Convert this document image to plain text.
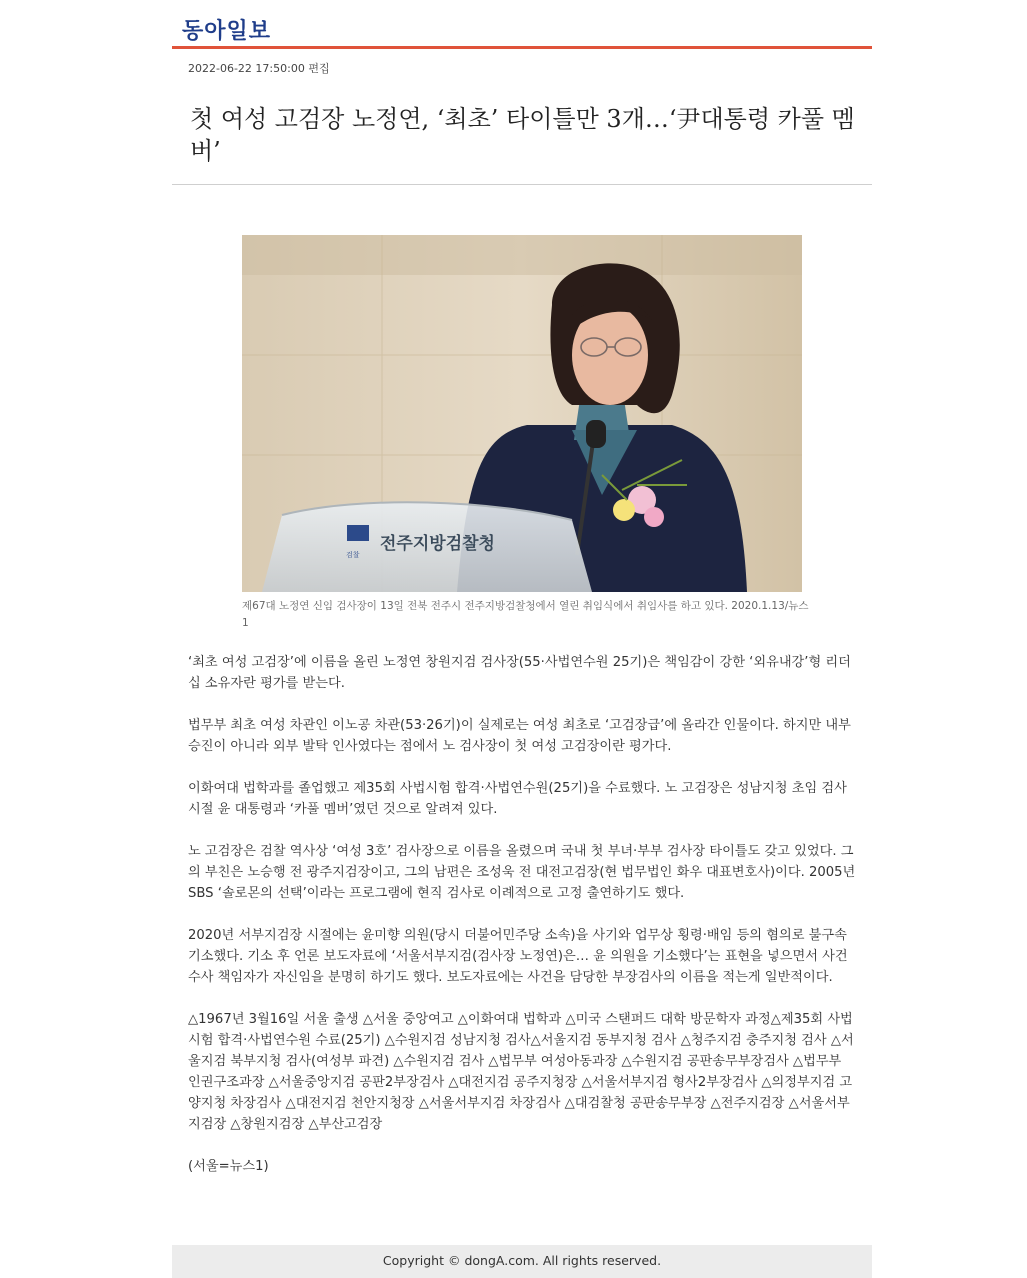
동아일보
2022-06-22 17:50:00 편집
첫 여성 고검장 노정연, ‘최초’ 타이틀만 3개…‘尹대통령 카풀 멤버’
검찰
전주지방검찰청
제67대 노정연 신임 검사장이 13일 전북 전주시 전주지방검찰청에서 열린 취임식에서 취임사를 하고 있다. 2020.1.13/뉴스1

‘최초 여성 고검장’에 이름을 올린 노정연 창원지검 검사장(55·사법연수원 25기)은 책임감이 강한 ‘외유내강’형 리더십 소유자란 평가를 받는다.

법무부 최초 여성 차관인 이노공 차관(53·26기)이 실제로는 여성 최초로 ‘고검장급’에 올라간 인물이다. 하지만 내부 승진이 아니라 외부 발탁 인사였다는 점에서 노 검사장이 첫 여성 고검장이란 평가다.

이화여대 법학과를 졸업했고 제35회 사법시험 합격·사법연수원(25기)을 수료했다. 노 고검장은 성남지청 초임 검사 시절 윤 대통령과 ‘카풀 멤버’였던 것으로 알려져 있다.

노 고검장은 검찰 역사상 ‘여성 3호’ 검사장으로 이름을 올렸으며 국내 첫 부녀·부부 검사장 타이틀도 갖고 있었다. 그의 부친은 노승행 전 광주지검장이고, 그의 남편은 조성욱 전 대전고검장(현 법무법인 화우 대표변호사)이다. 2005년 SBS ‘솔로몬의 선택’이라는 프로그램에 현직 검사로 이례적으로 고정 출연하기도 했다.

2020년 서부지검장 시절에는 윤미향 의원(당시 더불어민주당 소속)을 사기와 업무상 횡령·배임 등의 혐의로 불구속 기소했다. 기소 후 언론 보도자료에 ‘서울서부지검(검사장 노정연)은… 윤 의원을 기소했다’는 표현을 넣으면서 사건 수사 책임자가 자신임을 분명히 하기도 했다. 보도자료에는 사건을 담당한 부장검사의 이름을 적는게 일반적이다.

△1967년 3월16일 서울 출생 △서울 중앙여고 △이화여대 법학과 △미국 스탠퍼드 대학 방문학자 과정△제35회 사법시험 합격·사법연수원 수료(25기) △수원지검 성남지청 검사△서울지검 동부지청 검사 △청주지검 충주지청 검사 △서울지검 북부지청 검사(여성부 파견) △수원지검 검사 △법무부 여성아동과장 △수원지검 공판송무부장검사 △법무부 인권구조과장 △서울중앙지검 공판2부장검사 △대전지검 공주지청장 △서울서부지검 형사2부장검사 △의정부지검 고양지청 차장검사 △대전지검 천안지청장 △서울서부지검 차장검사 △대검찰청 공판송무부장 △전주지검장 △서울서부지검장 △창원지검장 △부산고검장

(서울=뉴스1)

Copyright © dongA.com. All rights reserved.
